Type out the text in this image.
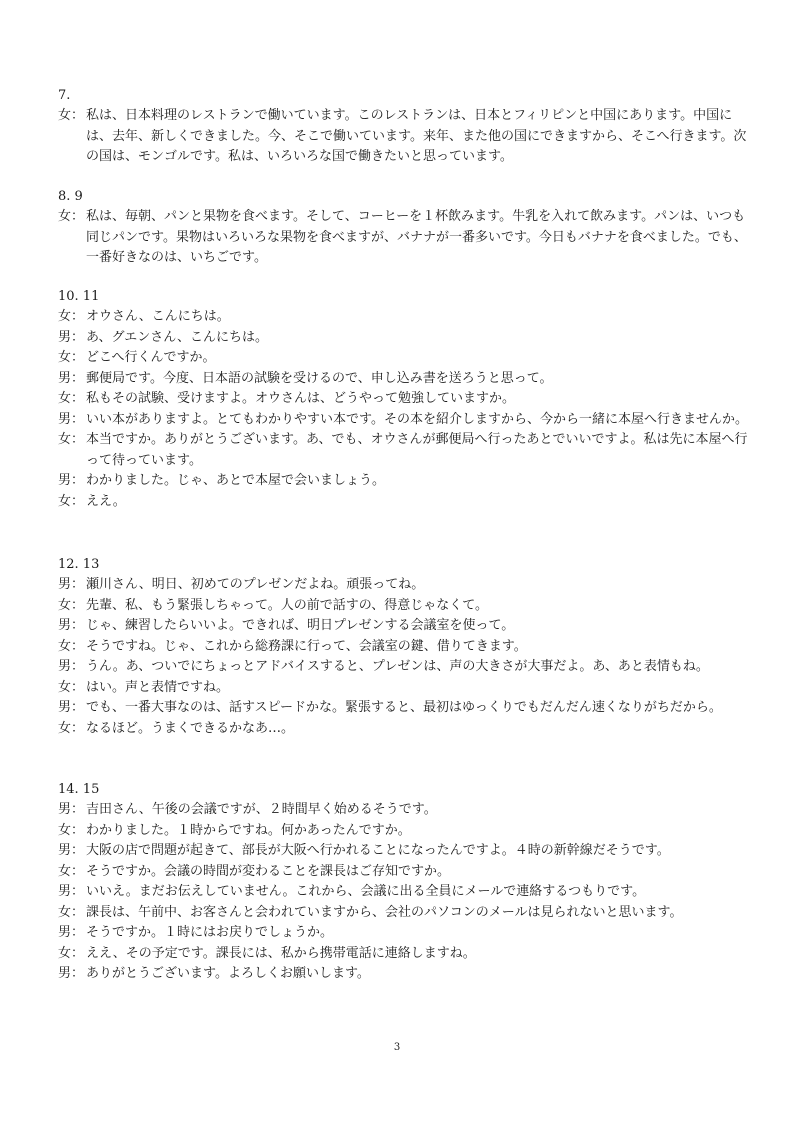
7.
女： 私は、日本料理のレストランで働いています。このレストランは、日本とフィリピンと中国にあります。中国には、去年、新しくできました。今、そこで働いています。来年、また他の国にできますから、そこへ行きます。次の国は、モンゴルです。私は、いろいろな国で働きたいと思っています。
8. 9
女： 私は、毎朝、パンと果物を食べます。そして、コーヒーを１杯飲みます。牛乳を入れて飲みます。パンは、いつも同じパンです。果物はいろいろな果物を食べますが、バナナが一番多いです。今日もバナナを食べました。でも、一番好きなのは、いちごです。
10. 11
女： オウさん、こんにちは。
男： あ、グエンさん、こんにちは。
女： どこへ行くんですか。
男： 郵便局です。今度、日本語の試験を受けるので、申し込み書を送ろうと思って。
女： 私もその試験、受けますよ。オウさんは、どうやって勉強していますか。
男： いい本がありますよ。とてもわかりやすい本です。その本を紹介しますから、今から一緒に本屋へ行きませんか。
女： 本当ですか。ありがとうございます。あ、でも、オウさんが郵便局へ行ったあとでいいですよ。私は先に本屋へ行って待っています。
男： わかりました。じゃ、あとで本屋で会いましょう。
女： ええ。
12. 13
男： 瀬川さん、明日、初めてのプレゼンだよね。頑張ってね。
女： 先輩、私、もう緊張しちゃって。人の前で話すの、得意じゃなくて。
男： じゃ、練習したらいいよ。できれば、明日プレゼンする会議室を使って。
女： そうですね。じゃ、これから総務課に行って、会議室の鍵、借りてきます。
男： うん。あ、ついでにちょっとアドバイスすると、プレゼンは、声の大きさが大事だよ。あ、あと表情もね。
女： はい。声と表情ですね。
男： でも、一番大事なのは、話すスピードかな。緊張すると、最初はゆっくりでもだんだん速くなりがちだから。
女： なるほど。うまくできるかなあ…。
14. 15
男： 吉田さん、午後の会議ですが、２時間早く始めるそうです。
女： わかりました。１時からですね。何かあったんですか。
男： 大阪の店で問題が起きて、部長が大阪へ行かれることになったんですよ。４時の新幹線だそうです。
女： そうですか。会議の時間が変わることを課長はご存知ですか。
男： いいえ。まだお伝えしていません。これから、会議に出る全員にメールで連絡するつもりです。
女： 課長は、午前中、お客さんと会われていますから、会社のパソコンのメールは見られないと思います。
男： そうですか。１時にはお戻りでしょうか。
女： ええ、その予定です。課長には、私から携帯電話に連絡しますね。
男： ありがとうございます。よろしくお願いします。
3
